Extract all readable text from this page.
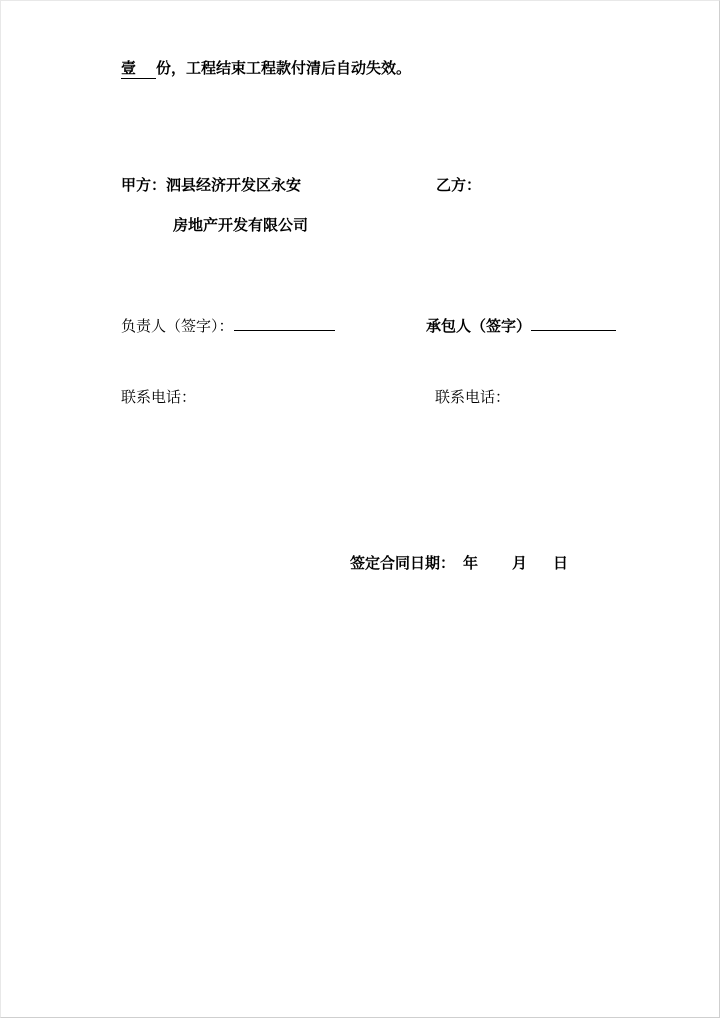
壹 份，工程结束工程款付清后自动失效。
甲方：泗县经济开发区永安
房地产开发有限公司
乙方：
负责人（签字）：	承包人（签字）
联系电话：	联系电话：
签定合同日期： 年 月 日
